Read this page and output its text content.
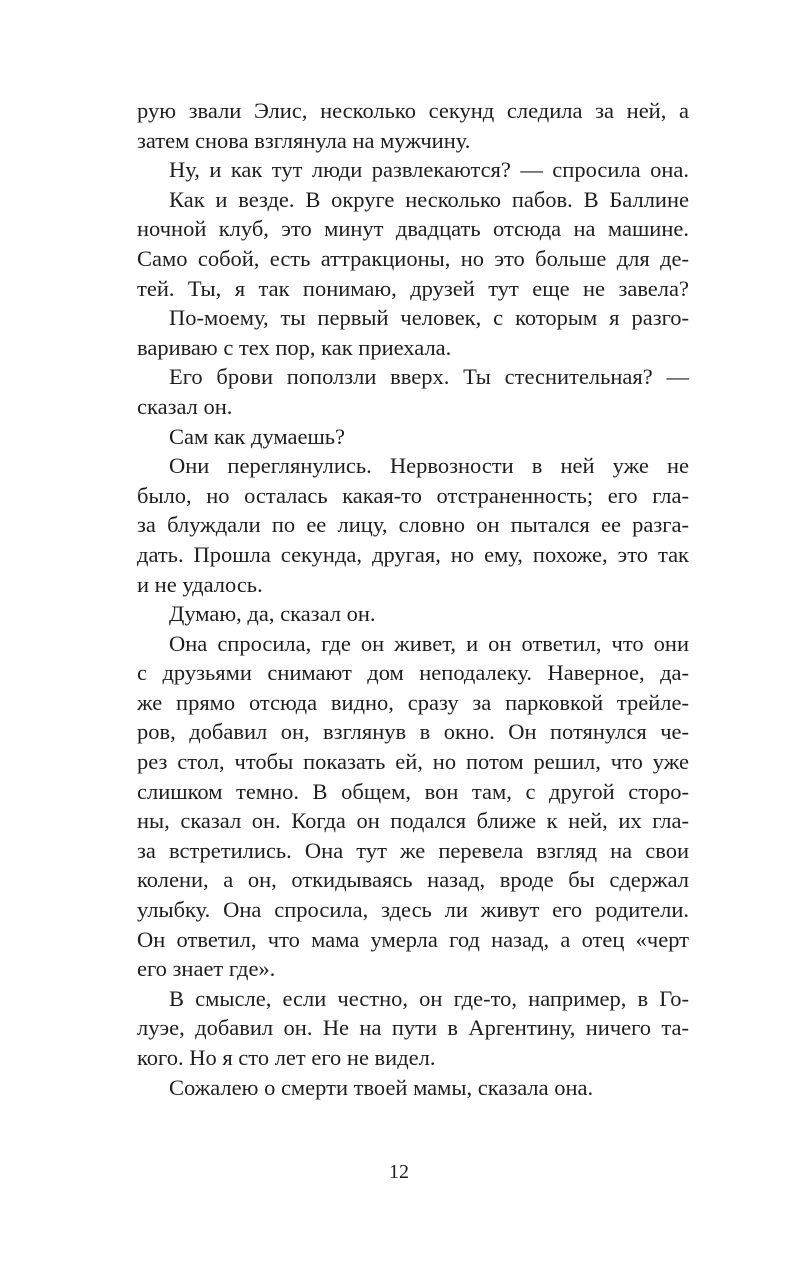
рую звали Элис, несколько секунд следила за ней, а
затем снова взглянула на мужчину.
Ну, и как тут люди развлекаются? — спросила она.
Как и везде. В округе несколько пабов. В Баллине
ночной клуб, это минут двадцать отсюда на машине.
Само собой, есть аттракционы, но это больше для де-
тей. Ты, я так понимаю, друзей тут еще не завела?
По-моему, ты первый человек, с которым я разго-
вариваю с тех пор, как приехала.
Его брови поползли вверх. Ты стеснительная? —
сказал он.
Сам как думаешь?
Они переглянулись. Нервозности в ней уже не
было, но осталась какая-то отстраненность; его гла-
за блуждали по ее лицу, словно он пытался ее разга-
дать. Прошла секунда, другая, но ему, похоже, это так
и не удалось.
Думаю, да, сказал он.
Она спросила, где он живет, и он ответил, что они
с друзьями снимают дом неподалеку. Наверное, да-
же прямо отсюда видно, сразу за парковкой трейле-
ров, добавил он, взглянув в окно. Он потянулся че-
рез стол, чтобы показать ей, но потом решил, что уже
слишком темно. В общем, вон там, с другой сторо-
ны, сказал он. Когда он подался ближе к ней, их гла-
за встретились. Она тут же перевела взгляд на свои
колени, а он, откидываясь назад, вроде бы сдержал
улыбку. Она спросила, здесь ли живут его родители.
Он ответил, что мама умерла год назад, а отец «черт
его знает где».
В смысле, если честно, он где-то, например, в Го-
луэе, добавил он. Не на пути в Аргентину, ничего та-
кого. Но я сто лет его не видел.
Сожалею о смерти твоей мамы, сказала она.
12
